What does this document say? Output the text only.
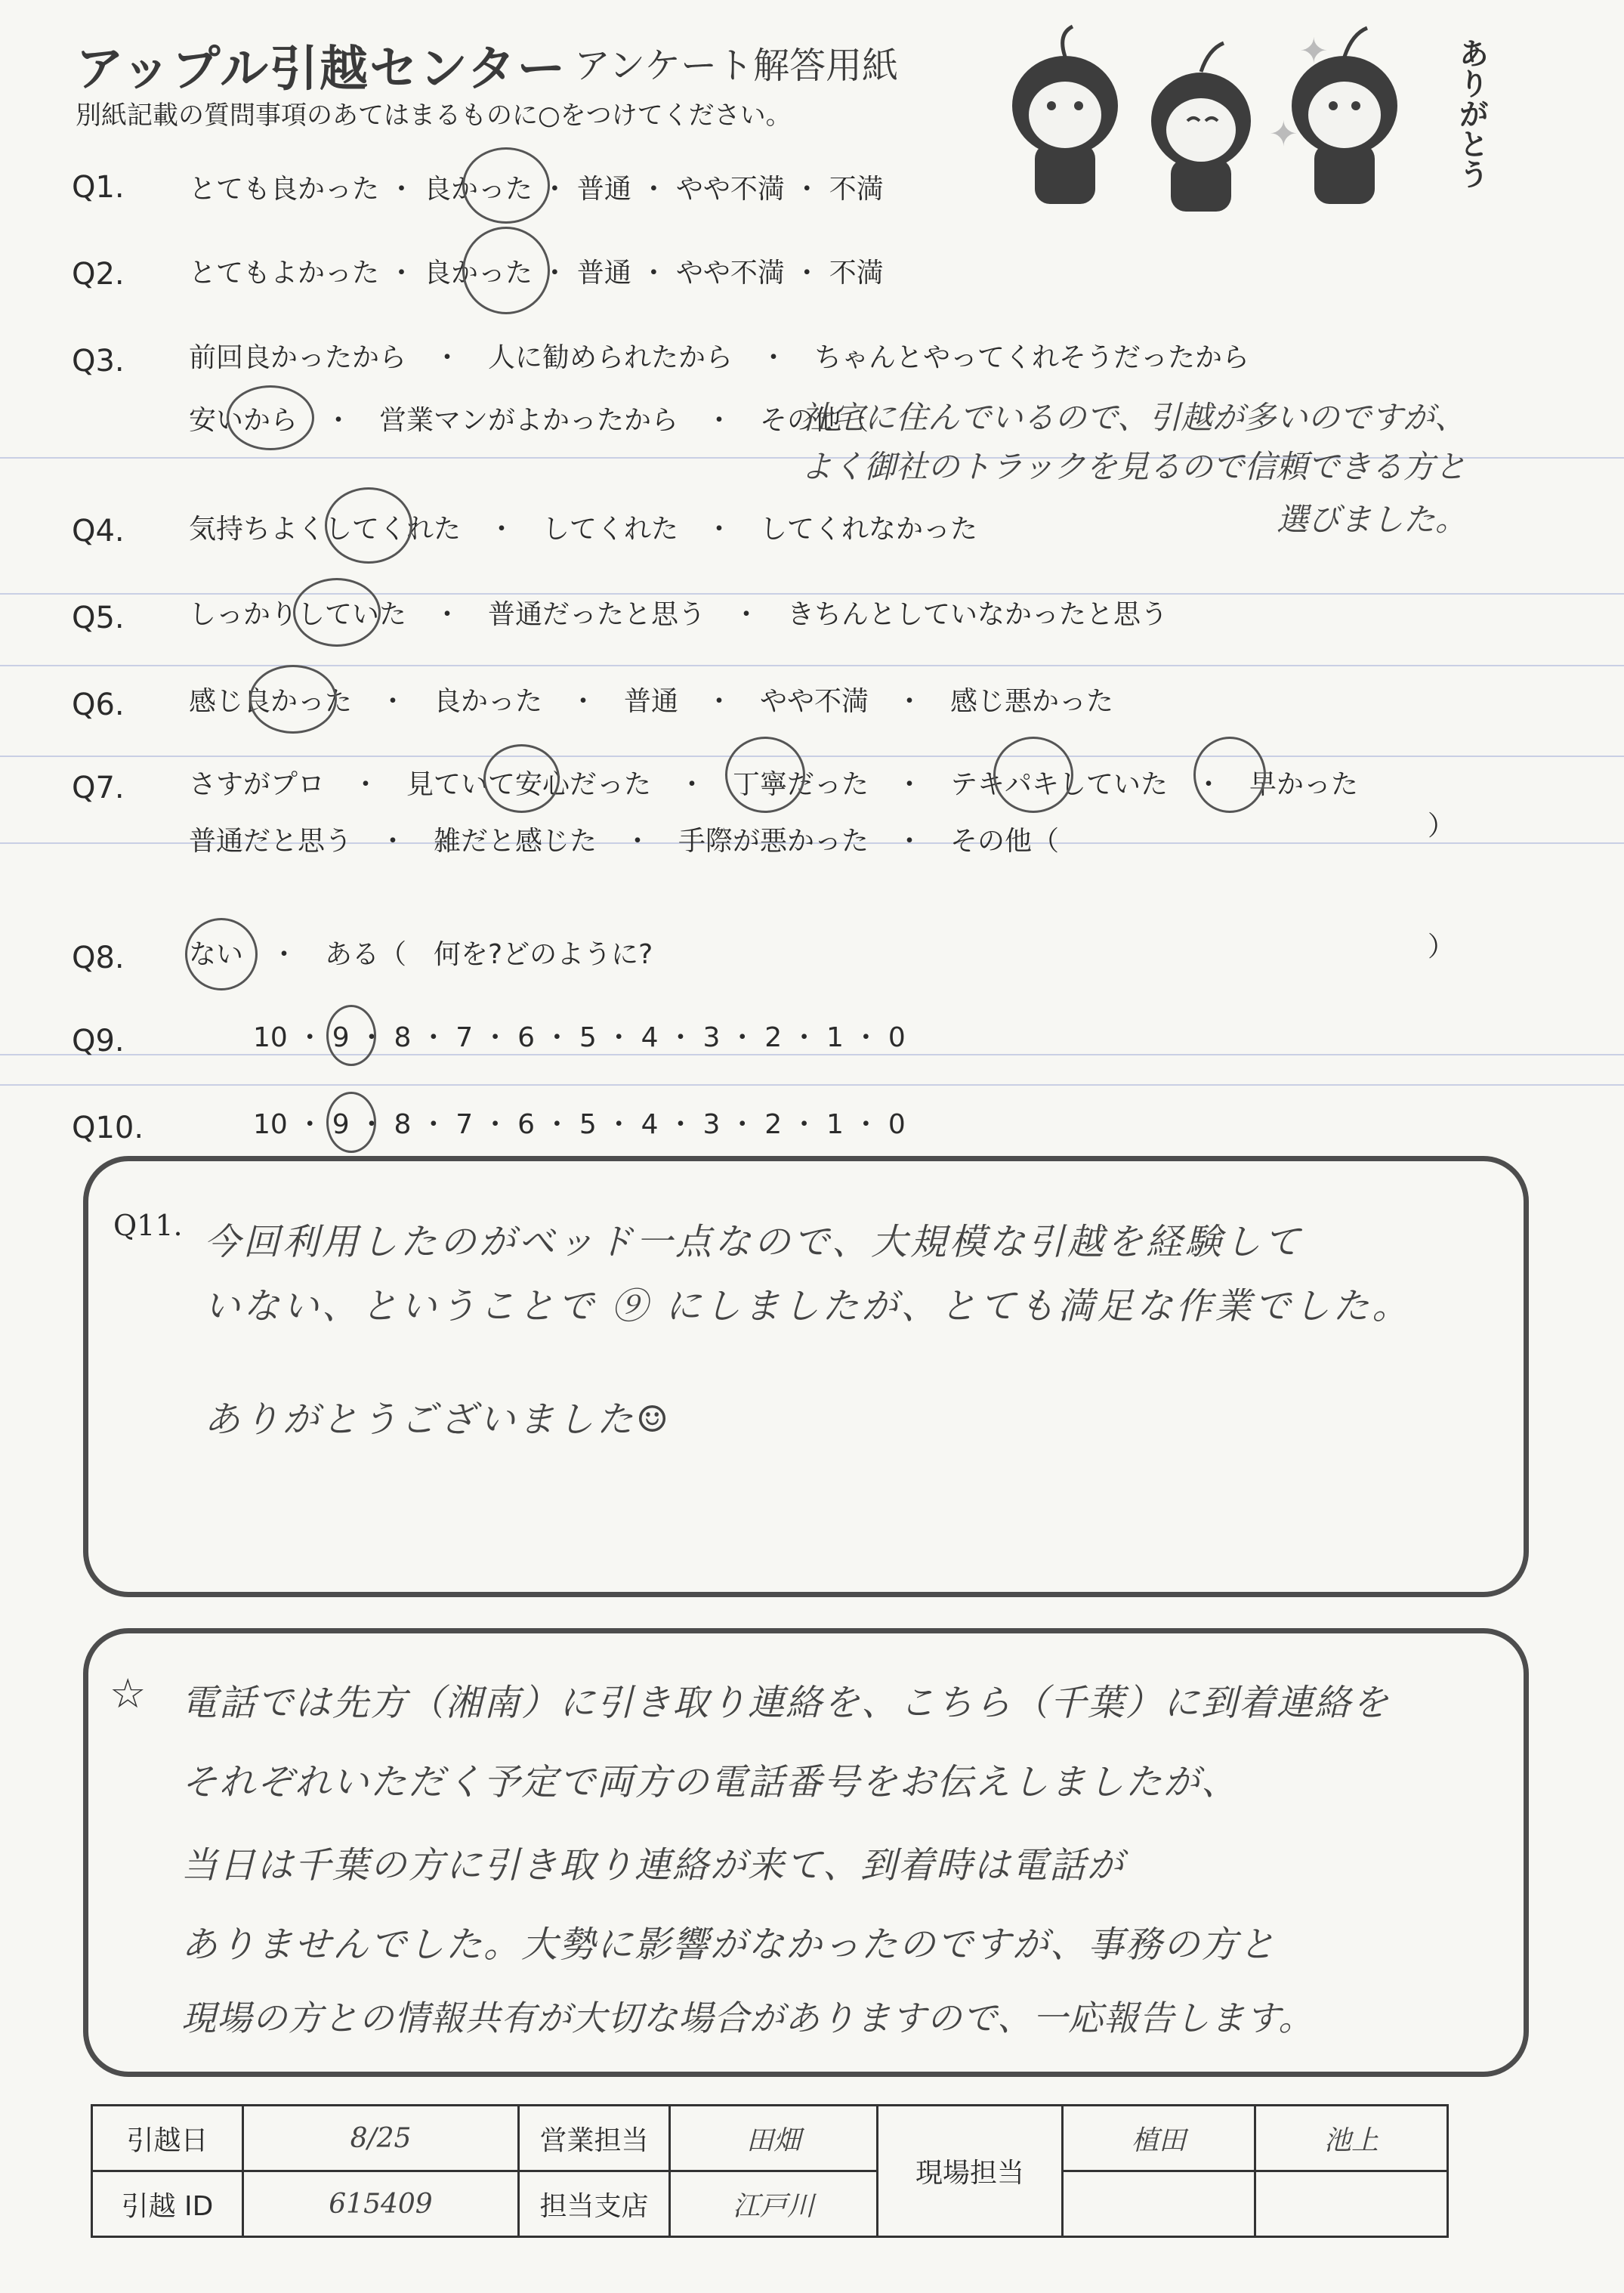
アップル引越センター アンケート解答用紙
別紙記載の質問事項のあてはまるものに○をつけてください。
✦
✦	ありがとう
Q1. とても良かった ・ 良かった ・ 普通 ・ やや不満 ・ 不満
Q2. とてもよかった ・ 良かった ・ 普通 ・ やや不満 ・ 不満
Q3. 前回良かったから　・　人に勧められたから　・　ちゃんとやってくれそうだったから
安いから　・　営業マンがよかったから　・　その他（
社宅に住んでいるので、引越が多いのですが、
よく御社のトラックを見るので信頼できる方と
選びました。
Q4. 気持ちよくしてくれた　・　してくれた　・　してくれなかった
Q5. しっかりしていた　・　普通だったと思う　・　きちんとしていなかったと思う
Q6. 感じ良かった　・　良かった　・　普通　・　やや不満　・　感じ悪かった
Q7. さすがプロ　・　見ていて安心だった　・　丁寧だった　・　テキパキしていた　・　早かった
普通だと思う　・　雑だと感じた　・　手際が悪かった　・　その他（	）
Q8. ない　・　ある（　何を?どのように?	）
Q9.	10 ・ 9 ・ 8 ・ 7 ・ 6 ・ 5 ・ 4 ・ 3 ・ 2 ・ 1 ・ 0
Q10.	10 ・ 9 ・ 8 ・ 7 ・ 6 ・ 5 ・ 4 ・ 3 ・ 2 ・ 1 ・ 0
Q11. 今回利用したのがベッド一点なので、大規模な引越を経験して
いない、ということで ⑨ にしましたが、とても満足な作業でした。
ありがとうございました☺
☆ 電話では先方（湘南）に引き取り連絡を、こちら（千葉）に到着連絡を
それぞれいただく予定で両方の電話番号をお伝えしましたが、
当日は千葉の方に引き取り連絡が来て、到着時は電話が
ありませんでした。大勢に影響がなかったのですが、事務の方と
現場の方との情報共有が大切な場合がありますので、一応報告します。
引越日	8/25	営業担当	田畑	現場担当	植田	池上
引越 ID	615409	担当支店	江戸川			
